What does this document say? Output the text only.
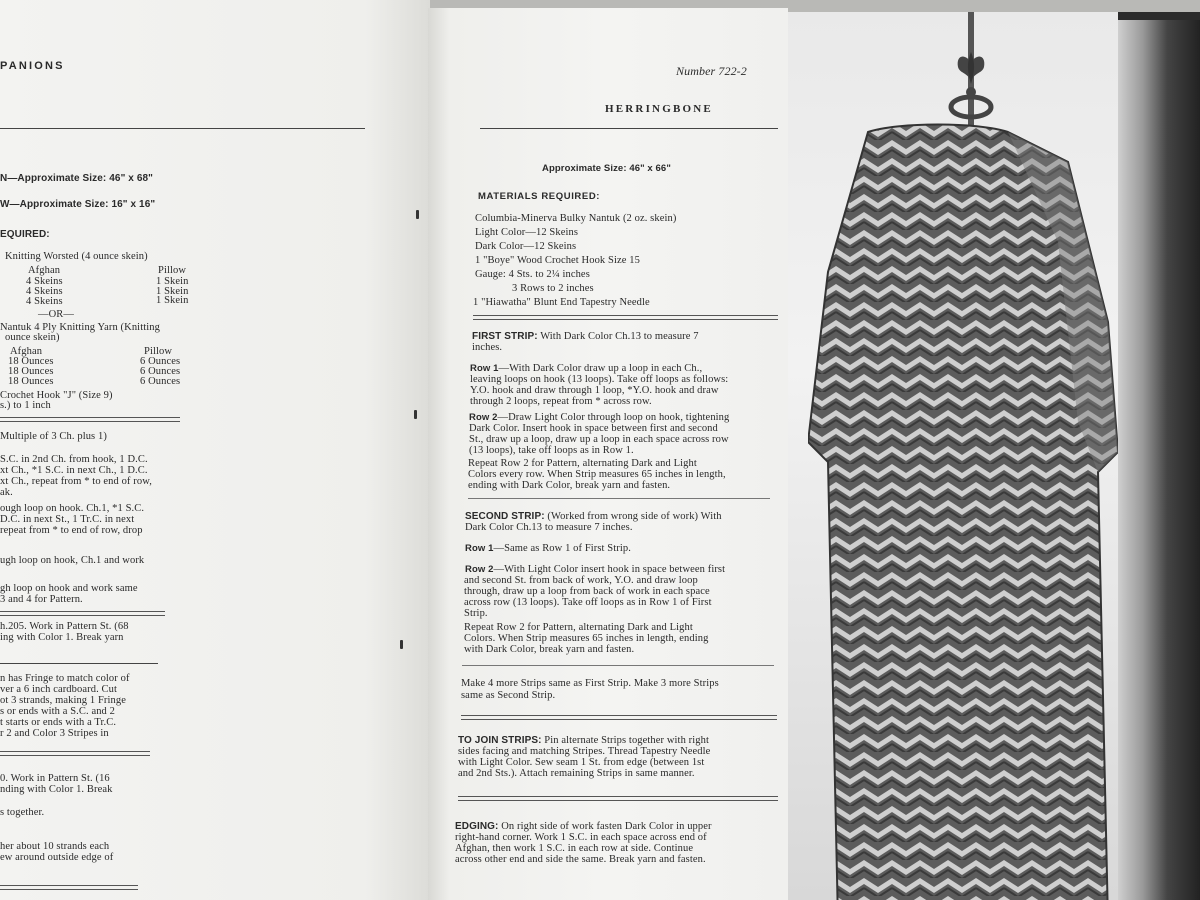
PANIONS
N—Approximate Size: 46" x 68"
W—Approximate Size: 16" x 16"
EQUIRED:
Knitting Worsted (4 ounce skein)
Afghan	Pillow
4 Skeins
4 Skeins
4 Skeins
1 Skein
1 Skein
1 Skein
—OR—
Nantuk 4 Ply Knitting Yarn (Knitting
ounce skein)
Afghan	Pillow
18 Ounces
18 Ounces
18 Ounces
6 Ounces
6 Ounces
6 Ounces
Crochet Hook "J" (Size 9)
s.) to 1 inch
Multiple of 3 Ch. plus 1)
S.C. in 2nd Ch. from hook, 1 D.C.
xt Ch., *1 S.C. in next Ch., 1 D.C.
xt Ch., repeat from * to end of row,
ak.
ough loop on hook. Ch.1, *1 S.C.
D.C. in next St., 1 Tr.C. in next
repeat from * to end of row, drop
ugh loop on hook, Ch.1 and work
gh loop on hook and work same
3 and 4 for Pattern.
h.205. Work in Pattern St. (68
ing with Color 1. Break yarn
n has Fringe to match color of
ver a 6 inch cardboard. Cut
ot 3 strands, making 1 Fringe
s or ends with a S.C. and 2
t starts or ends with a Tr.C.
r 2 and Color 3 Stripes in
0. Work in Pattern St. (16
nding with Color 1. Break
s together.
her about 10 strands each
ew around outside edge of
Number 722-2
HERRINGBONE
Approximate Size: 46" x 66"
MATERIALS REQUIRED:
Columbia-Minerva Bulky Nantuk (2 oz. skein)
Light Color—12 Skeins
Dark Color—12 Skeins
1 "Boye" Wood Crochet Hook Size 15
Gauge: 4 Sts. to 2¼ inches
3 Rows to 2 inches
1 "Hiawatha" Blunt End Tapestry Needle
FIRST STRIP: With Dark Color Ch.13 to measure 7
inches.
Row 1—With Dark Color draw up a loop in each Ch.,
leaving loops on hook (13 loops). Take off loops as follows:
Y.O. hook and draw through 1 loop, *Y.O. hook and draw
through 2 loops, repeat from * across row.
Row 2—Draw Light Color through loop on hook, tightening
Dark Color. Insert hook in space between first and second
St., draw up a loop, draw up a loop in each space across row
(13 loops), take off loops as in Row 1.
Repeat Row 2 for Pattern, alternating Dark and Light
Colors every row. When Strip measures 65 inches in length,
ending with Dark Color, break yarn and fasten.
SECOND STRIP: (Worked from wrong side of work) With
Dark Color Ch.13 to measure 7 inches.
Row 1—Same as Row 1 of First Strip.
Row 2—With Light Color insert hook in space between first
and second St. from back of work, Y.O. and draw loop
through, draw up a loop from back of work in each space
across row (13 loops). Take off loops as in Row 1 of First
Strip.
Repeat Row 2 for Pattern, alternating Dark and Light
Colors. When Strip measures 65 inches in length, ending
with Dark Color, break yarn and fasten.
Make 4 more Strips same as First Strip. Make 3 more Strips
same as Second Strip.
TO JOIN STRIPS: Pin alternate Strips together with right
sides facing and matching Stripes. Thread Tapestry Needle
with Light Color. Sew seam 1 St. from edge (between 1st
and 2nd Sts.). Attach remaining Strips in same manner.
EDGING: On right side of work fasten Dark Color in upper
right-hand corner. Work 1 S.C. in each space across end of
Afghan, then work 1 S.C. in each row at side. Continue
across other end and side the same. Break yarn and fasten.
